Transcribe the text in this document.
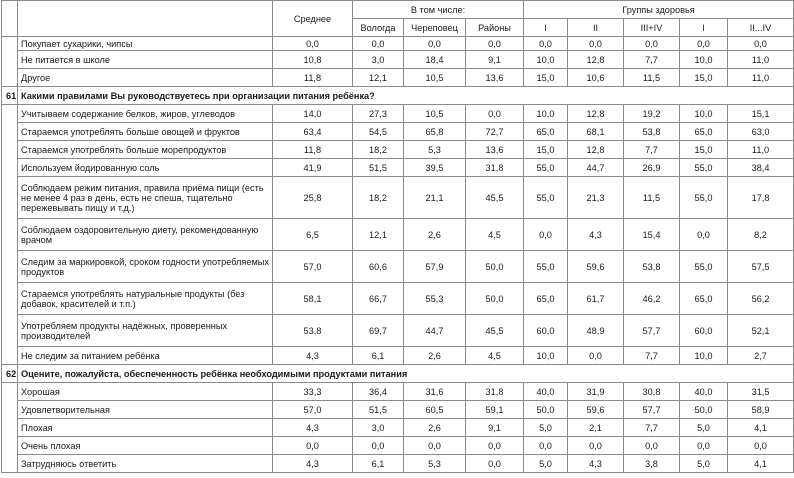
		Среднее	В том числе:			Группы здоровья				
			Вологда	Череповец	Районы	I	II	III+IV	I	II...IV
	Покупает сухарики, чипсы	0,0	0,0	0,0	0,0	0,0	0,0	0,0	0,0	0,0
	Не питается в школе	10,8	3,0	18,4	9,1	10,0	12,8	7,7	10,0	11,0
	Другое	11,8	12,1	10,5	13,6	15,0	10,6	11,5	15,0	11,0
61	Какими правилами Вы руководствуетесь при организации питания ребёнка?									
	Учитываем содержание белков, жиров, углеводов	14,0	27,3	10,5	0,0	10,0	12,8	19,2	10,0	15,1
	Стараемся употреблять больше овощей и фруктов	63,4	54,5	65,8	72,7	65,0	68,1	53,8	65,0	63,0
	Стараемся употреблять больше морепродуктов	11,8	18,2	5,3	13,6	15,0	12,8	7,7	15,0	11,0
	Используем йодированную соль	41,9	51,5	39,5	31,8	55,0	44,7	26,9	55,0	38,4
	Соблюдаем режим питания, правила приёма пищи (есть не менее 4 раз в день, есть не спеша, тщательно пережевывать пищу и т.д.)	25,8	18,2	21,1	45,5	55,0	21,3	11,5	55,0	17,8
	Соблюдаем оздоровительную диету, рекомендованную врачом	6,5	12,1	2,6	4,5	0,0	4,3	15,4	0,0	8,2
	Следим за маркировкой, сроком годности употребляемых продуктов	57,0	60,6	57,9	50,0	55,0	59,6	53,8	55,0	57,5
	Стараемся употреблять натуральные продукты (без добавок, красителей и т.п.)	58,1	66,7	55,3	50,0	65,0	61,7	46,2	65,0	56,2
	Употребляем продукты надёжных, проверенных производителей	53,8	69,7	44,7	45,5	60,0	48,9	57,7	60,0	52,1
	Не следим за питанием ребёнка	4,3	6,1	2,6	4,5	10,0	0,0	7,7	10,0	2,7
62	Оцените, пожалуйста, обеспеченность ребёнка необходимыми продуктами питания									
	Хорошая	33,3	36,4	31,6	31,8	40,0	31,9	30,8	40,0	31,5
	Удовлетворительная	57,0	51,5	60,5	59,1	50,0	59,6	57,7	50,0	58,9
	Плохая	4,3	3,0	2,6	9,1	5,0	2,1	7,7	5,0	4,1
	Очень плохая	0,0	0,0	0,0	0,0	0,0	0,0	0,0	0,0	0,0
	Затрудняюсь ответить	4,3	6,1	5,3	0,0	5,0	4,3	3,8	5,0	4,1
